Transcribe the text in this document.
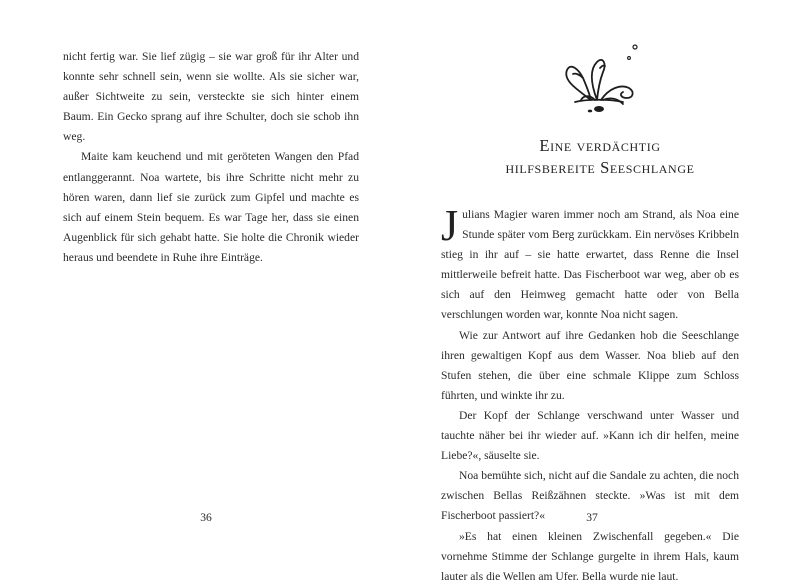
nicht fertig war. Sie lief zügig – sie war groß für ihr Alter und konnte sehr schnell sein, wenn sie wollte. Als sie sicher war, außer Sichtweite zu sein, versteckte sie sich hinter einem Baum. Ein Gecko sprang auf ihre Schulter, doch sie schob ihn weg.

Maite kam keuchend und mit geröteten Wangen den Pfad entlanggerannt. Noa wartete, bis ihre Schritte nicht mehr zu hören waren, dann lief sie zurück zum Gipfel und machte es sich auf einem Stein bequem. Es war Tage her, dass sie einen Augenblick für sich gehabt hatte. Sie holte die Chronik wieder heraus und beendete in Ruhe ihre Einträge.

36
Eine verdächtig
hilfsbereite Seeschlange

Julians Magier waren immer noch am Strand, als Noa eine Stunde später vom Berg zurückkam. Ein nervöses Kribbeln stieg in ihr auf – sie hatte erwartet, dass Renne die Insel mittlerweile befreit hatte. Das Fischerboot war weg, aber ob es sich auf den Heimweg gemacht hatte oder von Bella verschlungen worden war, konnte Noa nicht sagen.

Wie zur Antwort auf ihre Gedanken hob die Seeschlange ihren gewaltigen Kopf aus dem Wasser. Noa blieb auf den Stufen stehen, die über eine schmale Klippe zum Schloss führten, und winkte ihr zu.

Der Kopf der Schlange verschwand unter Wasser und tauchte näher bei ihr wieder auf. »Kann ich dir helfen, meine Liebe?«, säuselte sie.

Noa bemühte sich, nicht auf die Sandale zu achten, die noch zwischen Bellas Reißzähnen steckte. »Was ist mit dem Fischerboot passiert?«

»Es hat einen kleinen Zwischenfall gegeben.« Die vornehme Stimme der Schlange gurgelte in ihrem Hals, kaum lauter als die Wellen am Ufer. Bella wurde nie laut.

37
